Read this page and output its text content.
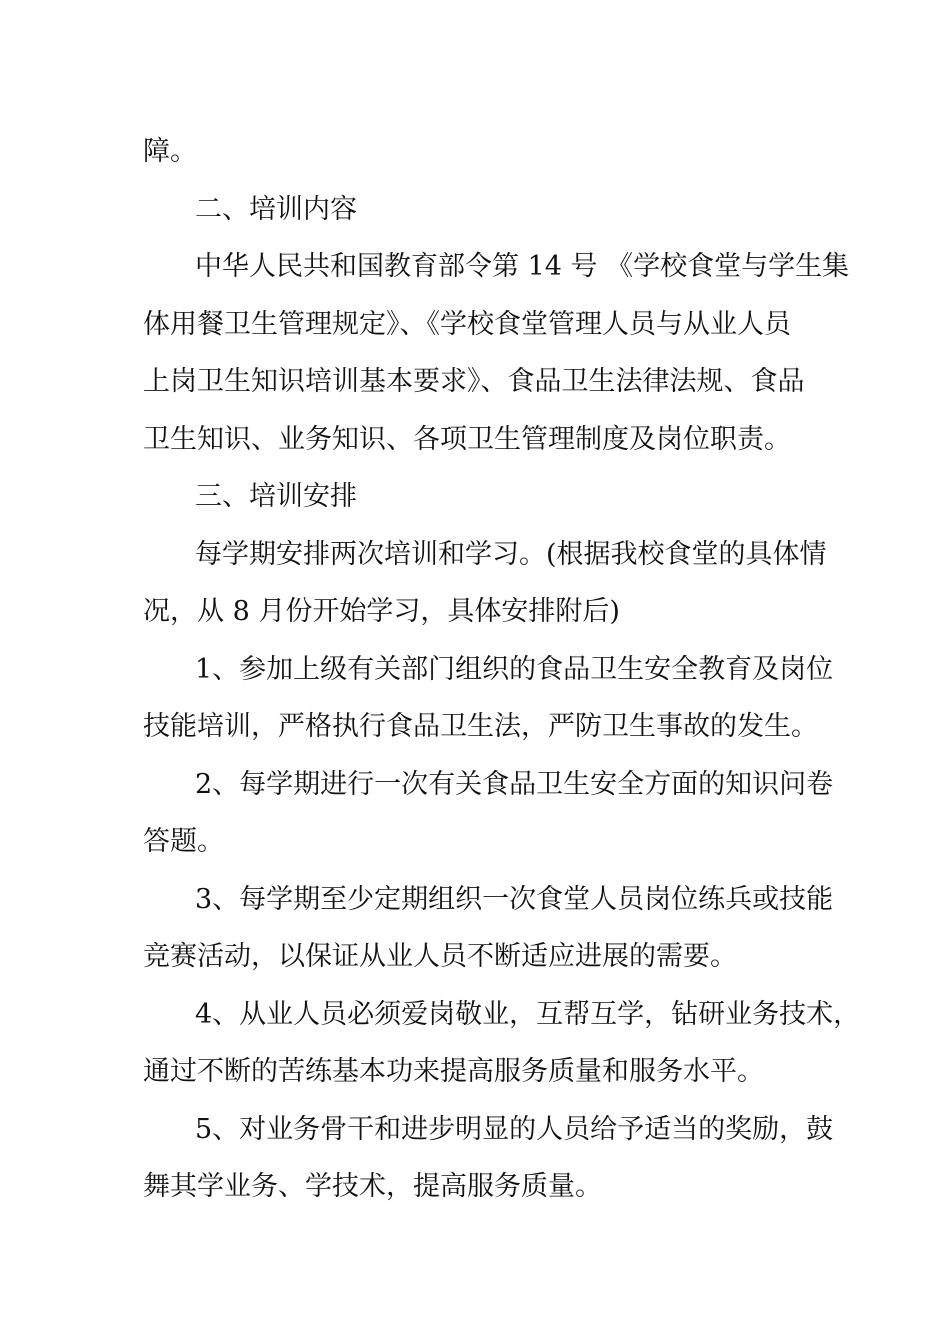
障。
二、培训内容
中华人民共和国教育部令第 14 号 《学校食堂与学生集
体用餐卫生管理规定》、《学校食堂管理人员与从业人员
上岗卫生知识培训基本要求》、食品卫生法律法规、食品
卫生知识、业务知识、各项卫生管理制度及岗位职责。
三、培训安排
每学期安排两次培训和学习。(根据我校食堂的具体情
况，从 8 月份开始学习，具体安排附后)
1、参加上级有关部门组织的食品卫生安全教育及岗位
技能培训，严格执行食品卫生法，严防卫生事故的发生。
2、每学期进行一次有关食品卫生安全方面的知识问卷
答题。
3、每学期至少定期组织一次食堂人员岗位练兵或技能
竞赛活动，以保证从业人员不断适应进展的需要。
4、从业人员必须爱岗敬业，互帮互学，钻研业务技术，
通过不断的苦练基本功来提高服务质量和服务水平。
5、对业务骨干和进步明显的人员给予适当的奖励，鼓
舞其学业务、学技术，提高服务质量。
